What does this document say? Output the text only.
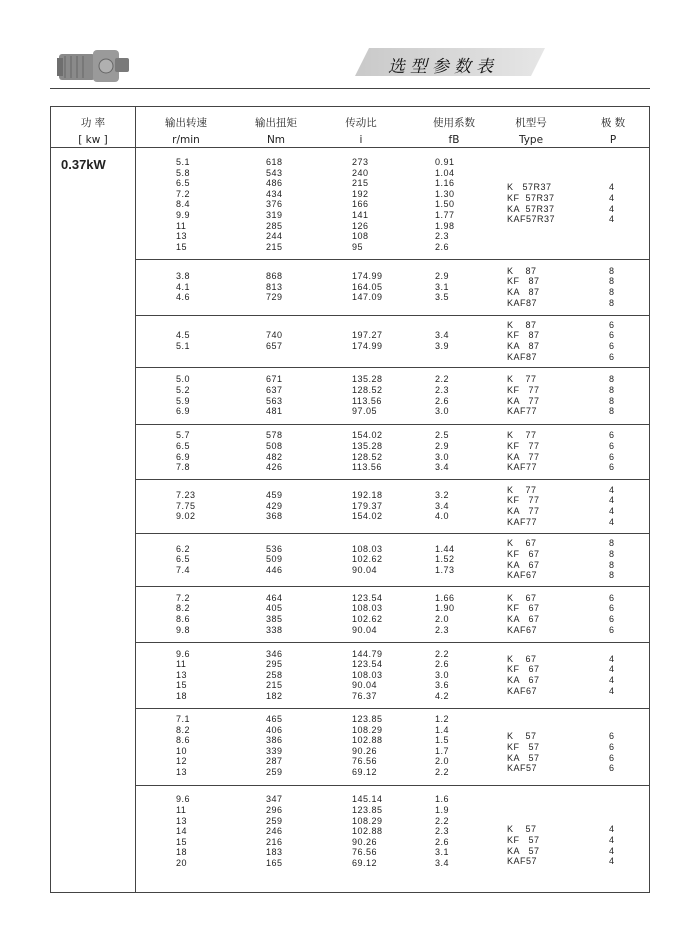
选型参数表
功 率
[ kw ]
输出转速
r/min
输出扭矩
Nm
传动比
i
使用系数
fB
机型号
Type
极 数
P
0.37kW	5.1
5.8
6.5
7.2
8.4
9.9
11
13
15
618
543
486
434
376
319
285
244
215
273
240
215
192
166
141
126
108
95
0.91
1.04
1.16
1.30
1.50
1.77
1.98
2.3
2.6
K   57R37
KF  57R37
KA  57R37
KAF57R37
4
4
4
4
3.8
4.1
4.6
868
813
729
174.99
164.05
147.09
2.9
3.1
3.5
K    87
KF   87
KA   87
KAF87
8
8
8
8
4.5
5.1
740
657
197.27
174.99
3.4
3.9
K    87
KF   87
KA   87
KAF87
6
6
6
6
5.0
5.2
5.9
6.9
671
637
563
481
135.28
128.52
113.56
97.05
2.2
2.3
2.6
3.0
K    77
KF   77
KA   77
KAF77
8
8
8
8
5.7
6.5
6.9
7.8
578
508
482
426
154.02
135.28
128.52
113.56
2.5
2.9
3.0
3.4
K    77
KF   77
KA   77
KAF77
6
6
6
6
7.23
7.75
9.02
459
429
368
192.18
179.37
154.02
3.2
3.4
4.0
K    77
KF   77
KA   77
KAF77
4
4
4
4
6.2
6.5
7.4
536
509
446
108.03
102.62
90.04
1.44
1.52
1.73
K    67
KF   67
KA   67
KAF67
8
8
8
8
7.2
8.2
8.6
9.8
464
405
385
338
123.54
108.03
102.62
90.04
1.66
1.90
2.0
2.3
K    67
KF   67
KA   67
KAF67
6
6
6
6
9.6
11
13
15
18
346
295
258
215
182
144.79
123.54
108.03
90.04
76.37
2.2
2.6
3.0
3.6
4.2
K    67
KF   67
KA   67
KAF67
4
4
4
4
7.1
8.2
8.6
10
12
13
465
406
386
339
287
259
123.85
108.29
102.88
90.26
76.56
69.12
1.2
1.4
1.5
1.7
2.0
2.2
K    57
KF   57
KA   57
KAF57
6
6
6
6
9.6
11
13
14
15
18
20
347
296
259
246
216
183
165
145.14
123.85
108.29
102.88
90.26
76.56
69.12
1.6
1.9
2.2
2.3
2.6
3.1
3.4
K    57
KF   57
KA   57
KAF57
4
4
4
4
